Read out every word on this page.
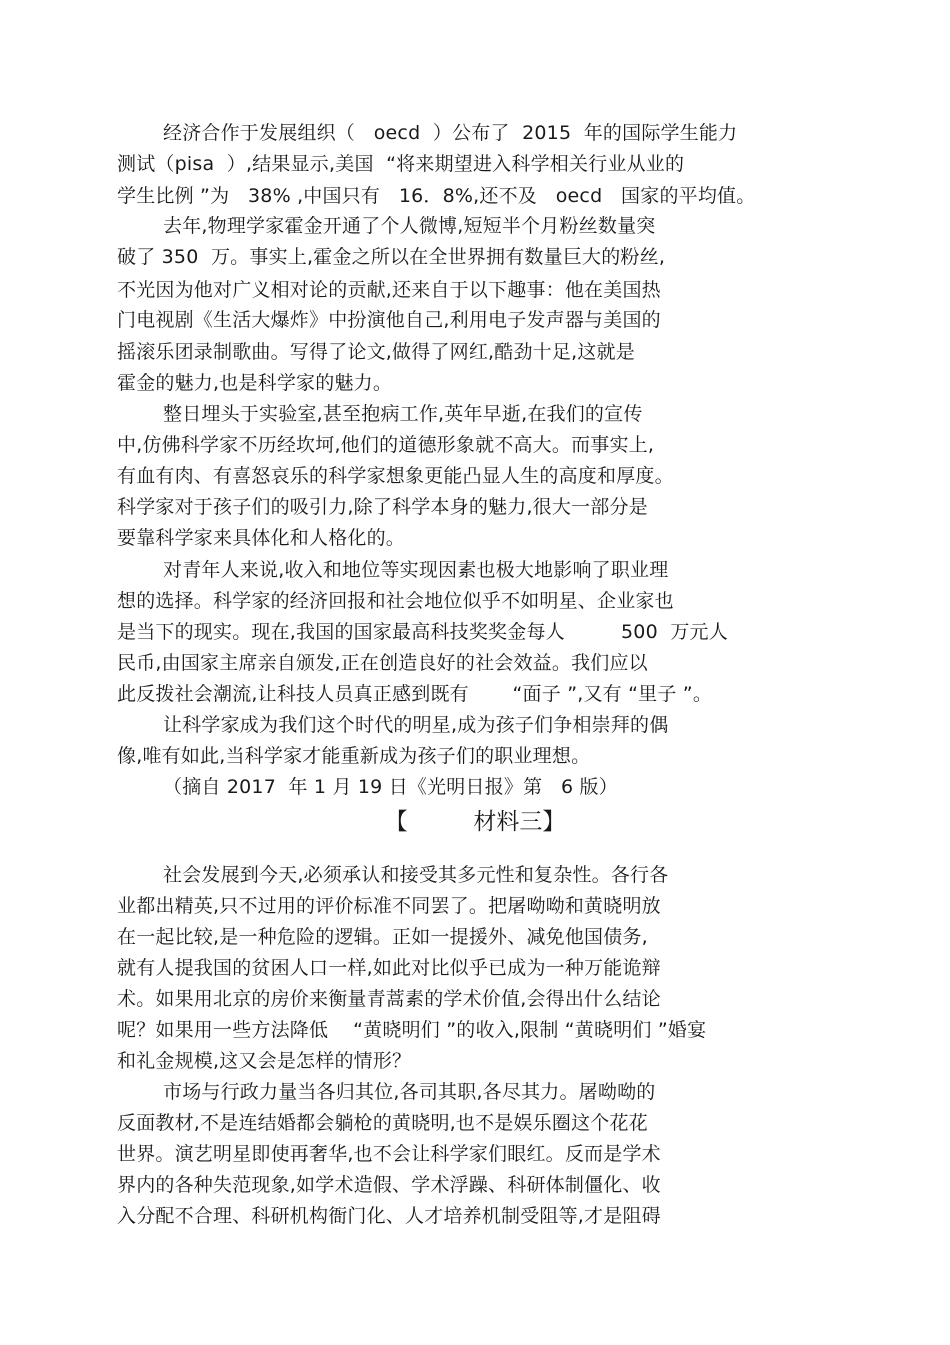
经济合作于发展组织（   oecd  ）公布了  2015  年的国际学生能力
测试（pisa  ）,结果显示,美国  “将来期望进入科学相关行业从业的
学生比例 ”为   38% ,中国只有   16．8%,还不及   oecd   国家的平均值。
去年,物理学家霍金开通了个人微博,短短半个月粉丝数量突
破了 350  万。事实上,霍金之所以在全世界拥有数量巨大的粉丝,
不光因为他对广义相对论的贡献,还来自于以下趣事：他在美国热
门电视剧《生活大爆炸》中扮演他自己,利用电子发声器与美国的
摇滚乐团录制歌曲。写得了论文,做得了网红,酷劲十足,这就是
霍金的魅力,也是科学家的魅力。
整日埋头于实验室,甚至抱病工作,英年早逝,在我们的宣传
中,仿佛科学家不历经坎坷,他们的道德形象就不高大。而事实上,
有血有肉、有喜怒哀乐的科学家想象更能凸显人生的高度和厚度。
科学家对于孩子们的吸引力,除了科学本身的魅力,很大一部分是
要靠科学家来具体化和人格化的。
对青年人来说,收入和地位等实现因素也极大地影响了职业理
想的选择。科学家的经济回报和社会地位似乎不如明星、企业家也
是当下的现实。现在,我国的国家最高科技奖奖金每人         500  万元人
民币,由国家主席亲自颁发,正在创造良好的社会效益。我们应以
此反拨社会潮流,让科技人员真正感到既有       “面子 ”,又有 “里子 ”。
让科学家成为我们这个时代的明星,成为孩子们争相崇拜的偶
像,唯有如此,当科学家才能重新成为孩子们的职业理想。
（摘自 2017  年 1 月 19 日《光明日报》第   6 版）
【         材料三】
社会发展到今天,必须承认和接受其多元性和复杂性。各行各
业都出精英,只不过用的评价标准不同罢了。把屠呦呦和黄晓明放
在一起比较,是一种危险的逻辑。正如一提援外、减免他国债务,
就有人提我国的贫困人口一样,如此对比似乎已成为一种万能诡辩
术。如果用北京的房价来衡量青蒿素的学术价值,会得出什么结论
呢？如果用一些方法降低    “黄晓明们 ”的收入,限制 “黄晓明们 ”婚宴
和礼金规模,这又会是怎样的情形？
市场与行政力量当各归其位,各司其职,各尽其力。屠呦呦的
反面教材,不是连结婚都会躺枪的黄晓明,也不是娱乐圈这个花花
世界。演艺明星即使再奢华,也不会让科学家们眼红。反而是学术
界内的各种失范现象,如学术造假、学术浮躁、科研体制僵化、收
入分配不合理、科研机构衙门化、人才培养机制受阻等,才是阻碍
